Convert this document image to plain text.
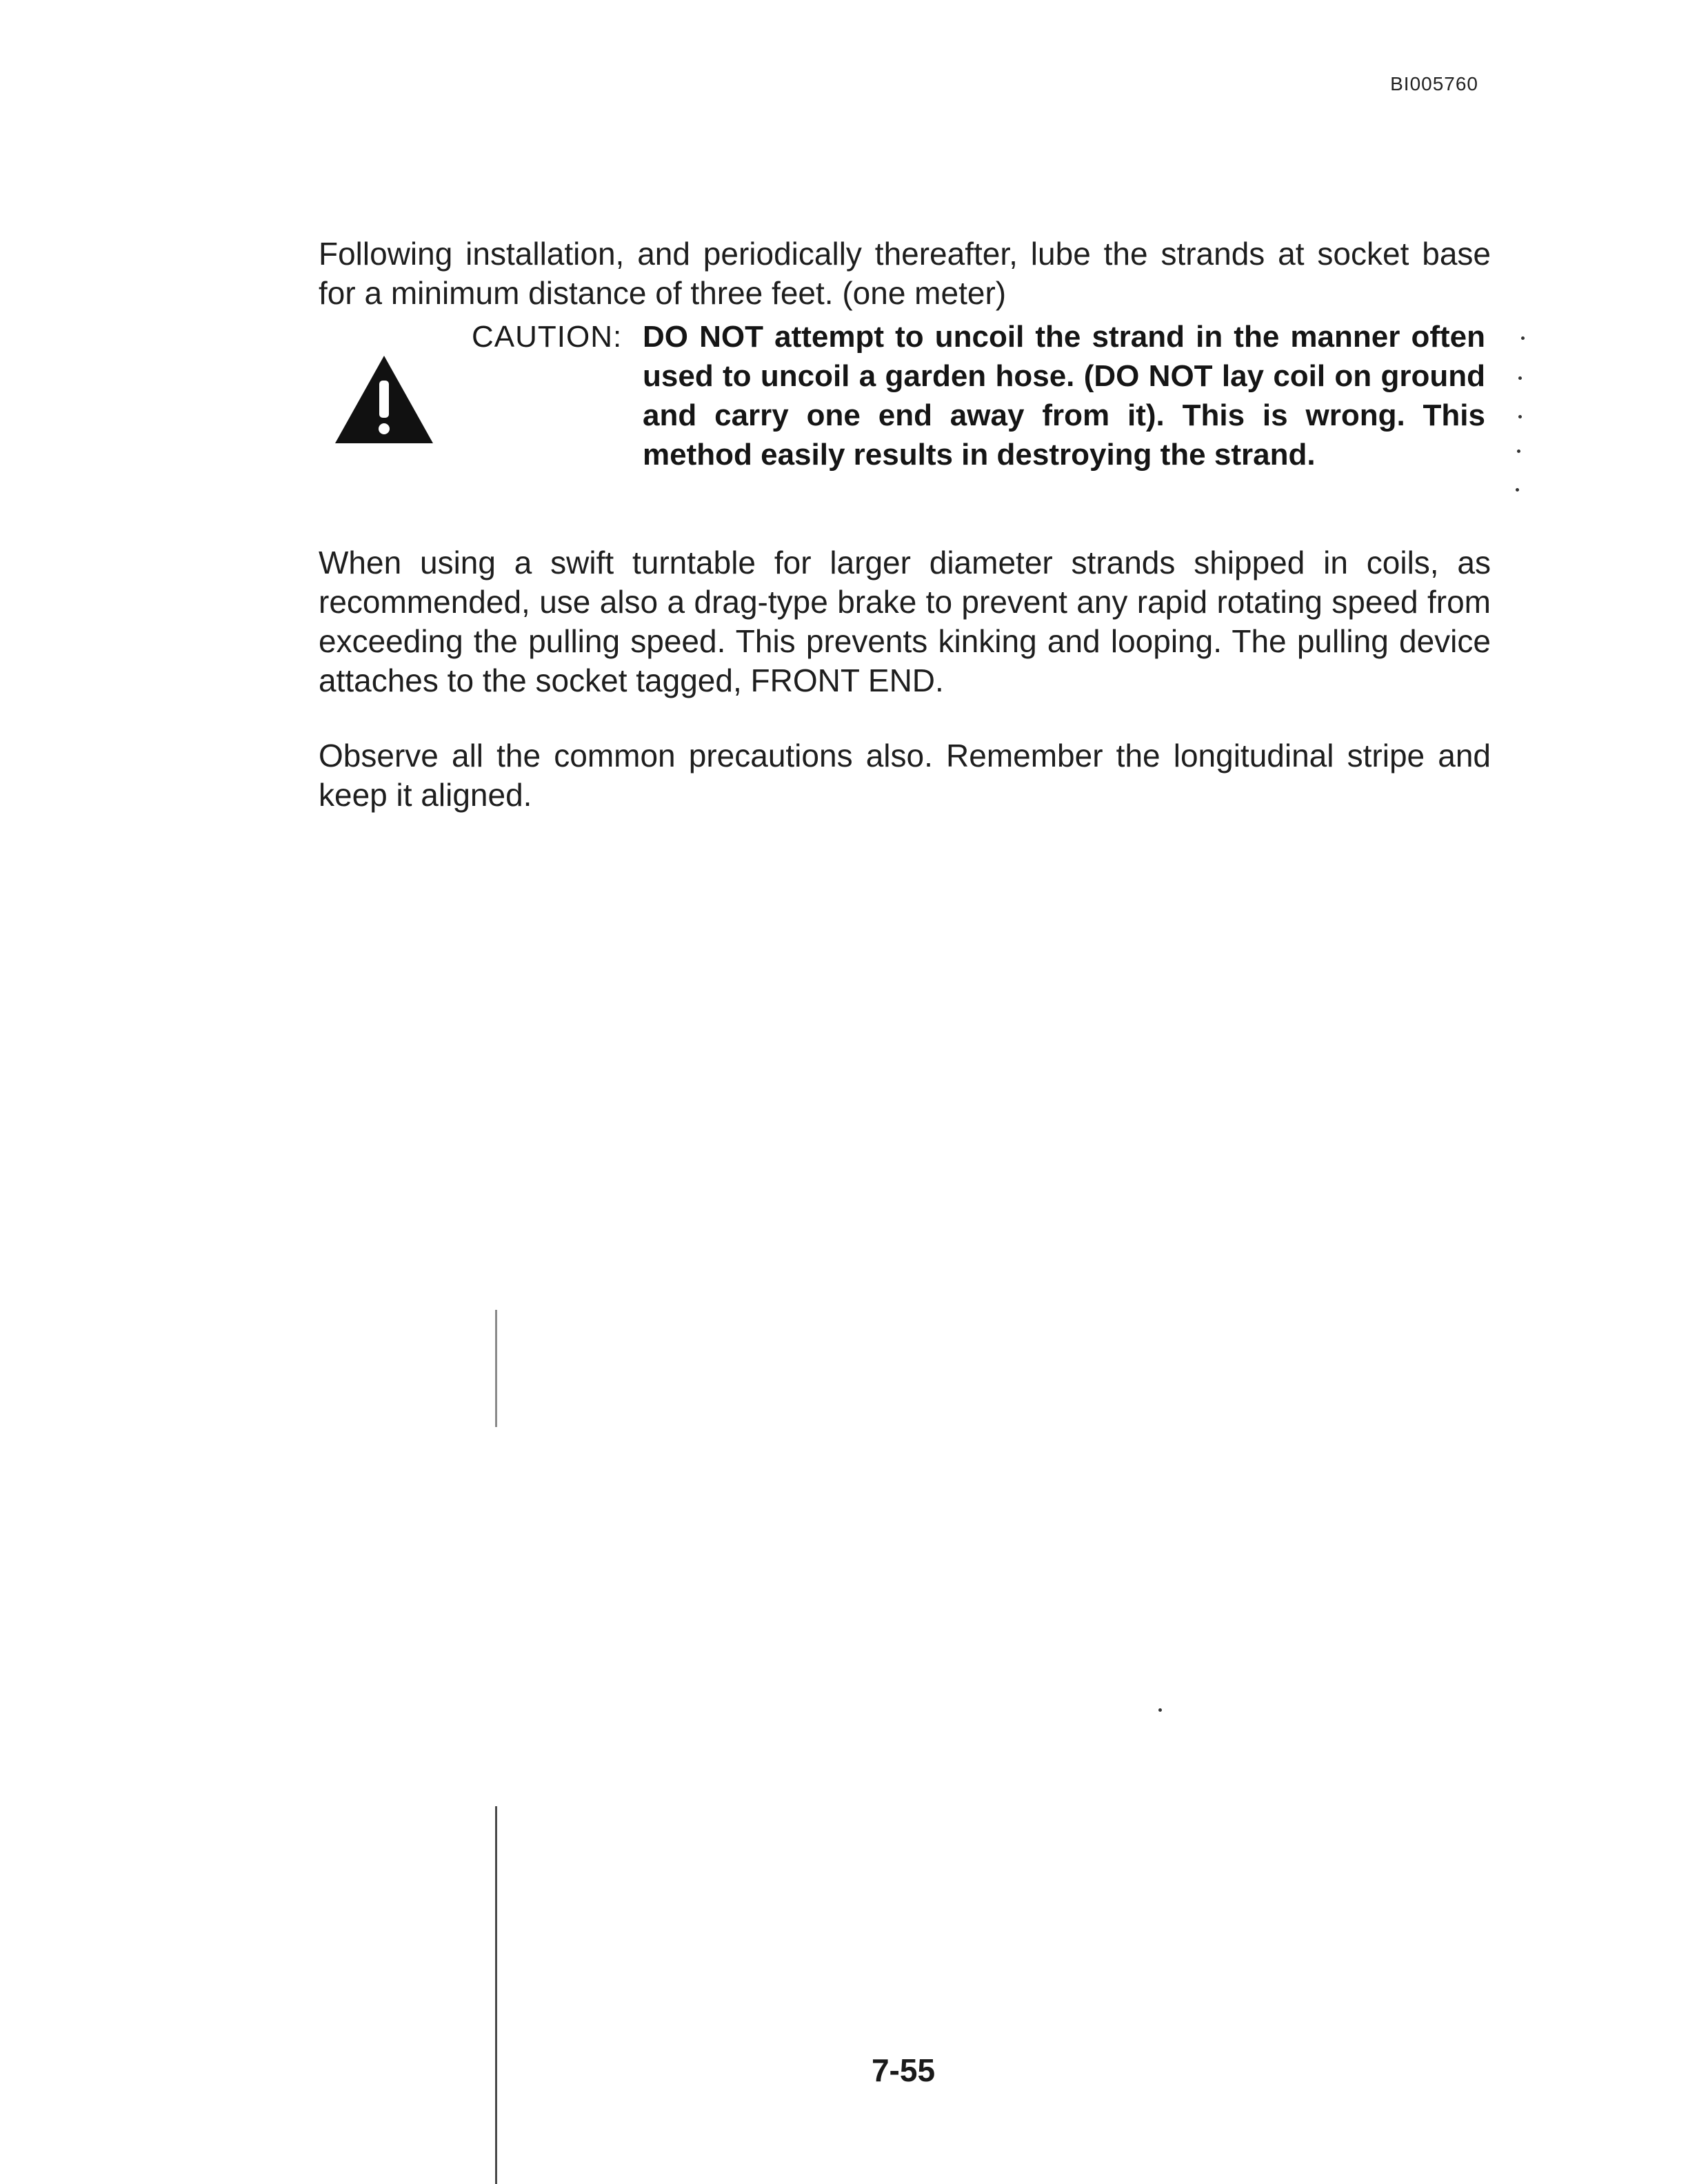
BI005760

Following installation, and periodically thereafter, lube the strands at socket base for a minimum distance of three feet. (one meter)

CAUTION: DO NOT attempt to uncoil the strand in the manner often used to uncoil a garden hose. (DO NOT lay coil on ground and carry one end away from it). This is wrong. This method easily results in destroying the strand.

When using a swift turntable for larger diameter strands shipped in coils, as recommended, use also a drag-type brake to prevent any rapid rotating speed from exceeding the pulling speed. This prevents kinking and looping. The pulling device attaches to the socket tagged, FRONT END.

Observe all the common precautions also. Remember the longitudinal stripe and keep it aligned.

7-55
